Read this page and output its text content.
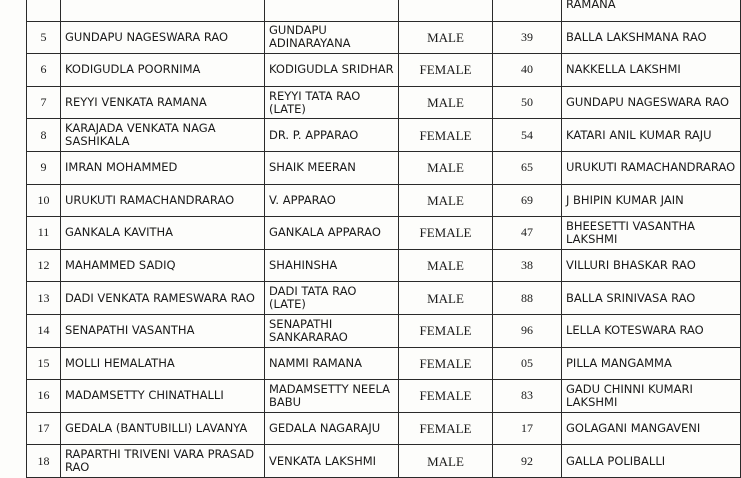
					RAMANA
5	GUNDAPU NAGESWARA RAO	GUNDAPU ADINARAYANA	MALE	39	BALLA LAKSHMANA RAO
6	KODIGUDLA POORNIMA	KODIGUDLA SRIDHAR	FEMALE	40	NAKKELLA LAKSHMI
7	REYYI VENKATA RAMANA	REYYI TATA RAO (LATE)	MALE	50	GUNDAPU NAGESWARA RAO
8	KARAJADA VENKATA NAGA SASHIKALA	DR. P. APPARAO	FEMALE	54	KATARI ANIL KUMAR RAJU
9	IMRAN MOHAMMED	SHAIK MEERAN	MALE	65	URUKUTI RAMACHANDRARAO
10	URUKUTI RAMACHANDRARAO	V. APPARAO	MALE	69	J BHIPIN KUMAR JAIN
11	GANKALA KAVITHA	GANKALA APPARAO	FEMALE	47	BHEESETTI VASANTHA LAKSHMI
12	MAHAMMED SADIQ	SHAHINSHA	MALE	38	VILLURI BHASKAR RAO
13	DADI VENKATA RAMESWARA RAO	DADI TATA RAO (LATE)	MALE	88	BALLA SRINIVASA RAO
14	SENAPATHI VASANTHA	SENAPATHI SANKARARAO	FEMALE	96	LELLA KOTESWARA RAO
15	MOLLI HEMALATHA	NAMMI RAMANA	FEMALE	05	PILLA MANGAMMA
16	MADAMSETTY CHINATHALLI	MADAMSETTY NEELA BABU	FEMALE	83	GADU CHINNI KUMARI LAKSHMI
17	GEDALA (BANTUBILLI) LAVANYA	GEDALA NAGARAJU	FEMALE	17	GOLAGANI MANGAVENI
18	RAPARTHI TRIVENI VARA PRASAD RAO	VENKATA LAKSHMI	MALE	92	GALLA POLIBALLI
